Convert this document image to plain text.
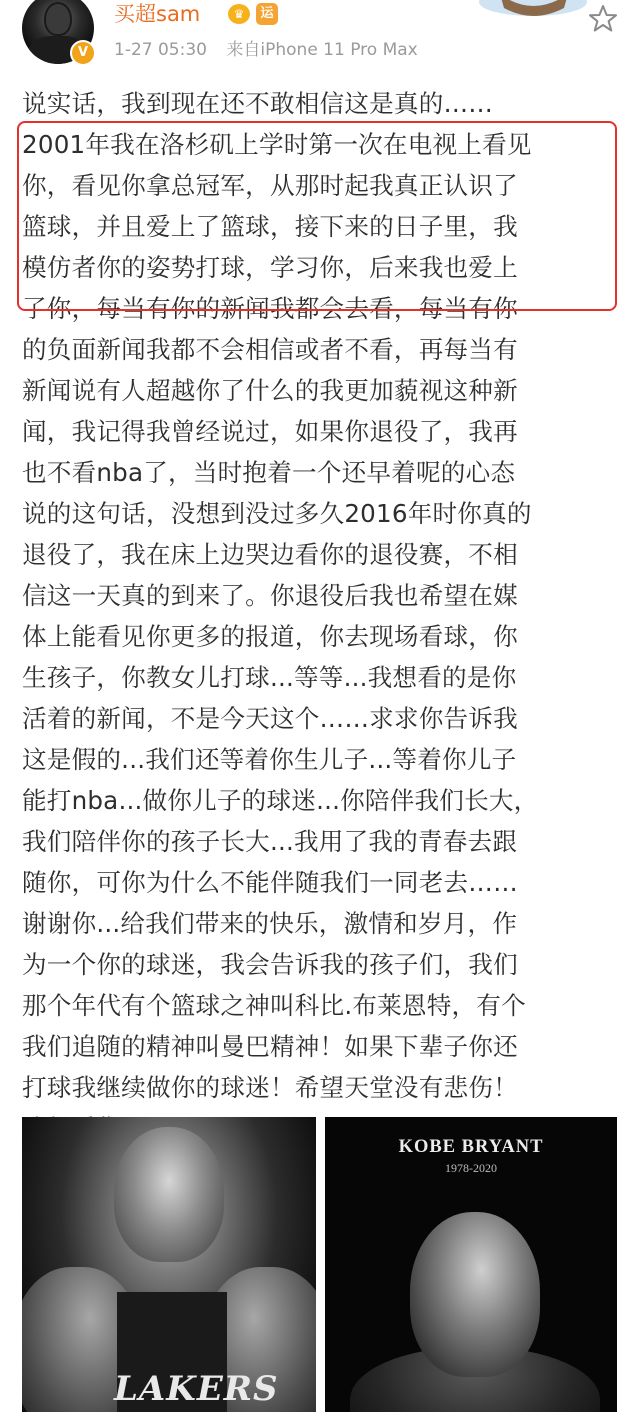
V
买超sam	♛	运
1-27 05:30 来自iPhone 11 Pro Max

说实话，我到现在还不敢相信这是真的……

2001年我在洛杉矶上学时第一次在电视上看见

你，看见你拿总冠军，从那时起我真正认识了

篮球，并且爱上了篮球，接下来的日子里，我

模仿者你的姿势打球，学习你，后来我也爱上

了你，每当有你的新闻我都会去看，每当有你

的负面新闻我都不会相信或者不看，再每当有

新闻说有人超越你了什么的我更加藐视这种新

闻，我记得我曾经说过，如果你退役了，我再

也不看nba了，当时抱着一个还早着呢的心态

说的这句话，没想到没过多久2016年时你真的

退役了，我在床上边哭边看你的退役赛，不相

信这一天真的到来了。你退役后我也希望在媒

体上能看见你更多的报道，你去现场看球，你

生孩子，你教女儿打球...等等...我想看的是你

活着的新闻，不是今天这个……求求你告诉我

这是假的...我们还等着你生儿子...等着你儿子

能打nba...做你儿子的球迷...你陪伴我们长大，

我们陪伴你的孩子长大...我用了我的青春去跟

随你，可你为什么不能伴随我们一同老去……

谢谢你...给我们带来的快乐，激情和岁月，作

为一个你的球迷，我会告诉我的孩子们，我们

那个年代有个篮球之神叫科比.布莱恩特，有个

我们追随的精神叫曼巴精神！如果下辈子你还

打球我继续做你的球迷！希望天堂没有悲伤！

LAKERS
KOBE BRYANT
1978-2020
